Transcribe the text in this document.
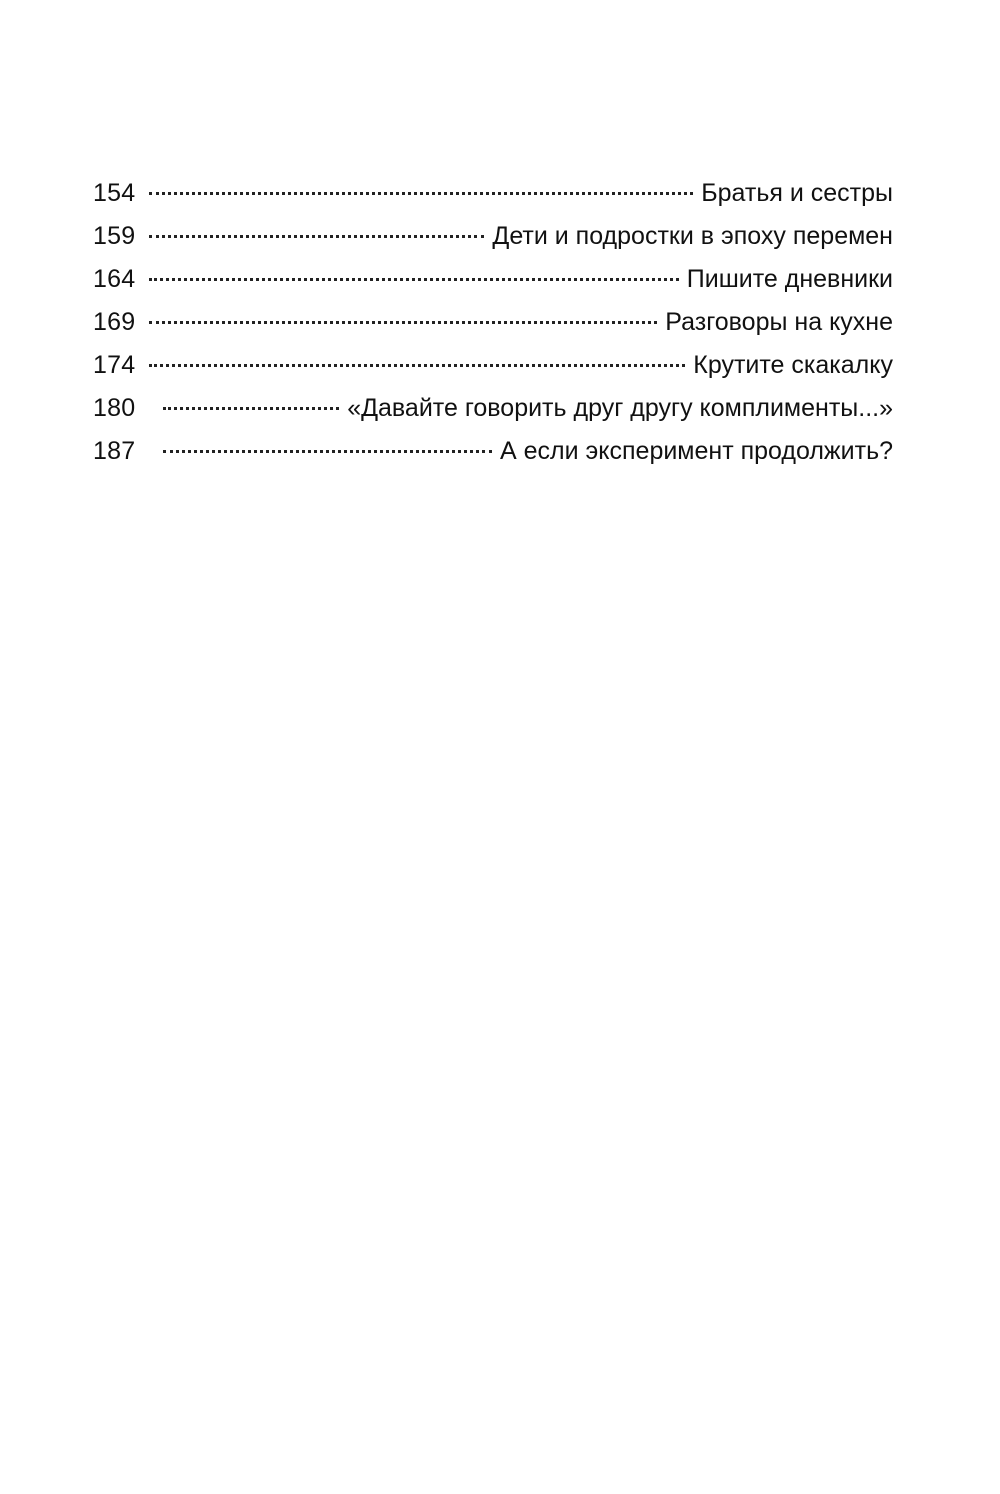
154	Братья и сестры
159	Дети и подростки в эпоху перемен
164	Пишите дневники
169	Разговоры на кухне
174	Крутите скакалку
180	«Давайте говорить друг другу комплименты...»
187	А если эксперимент продолжить?
